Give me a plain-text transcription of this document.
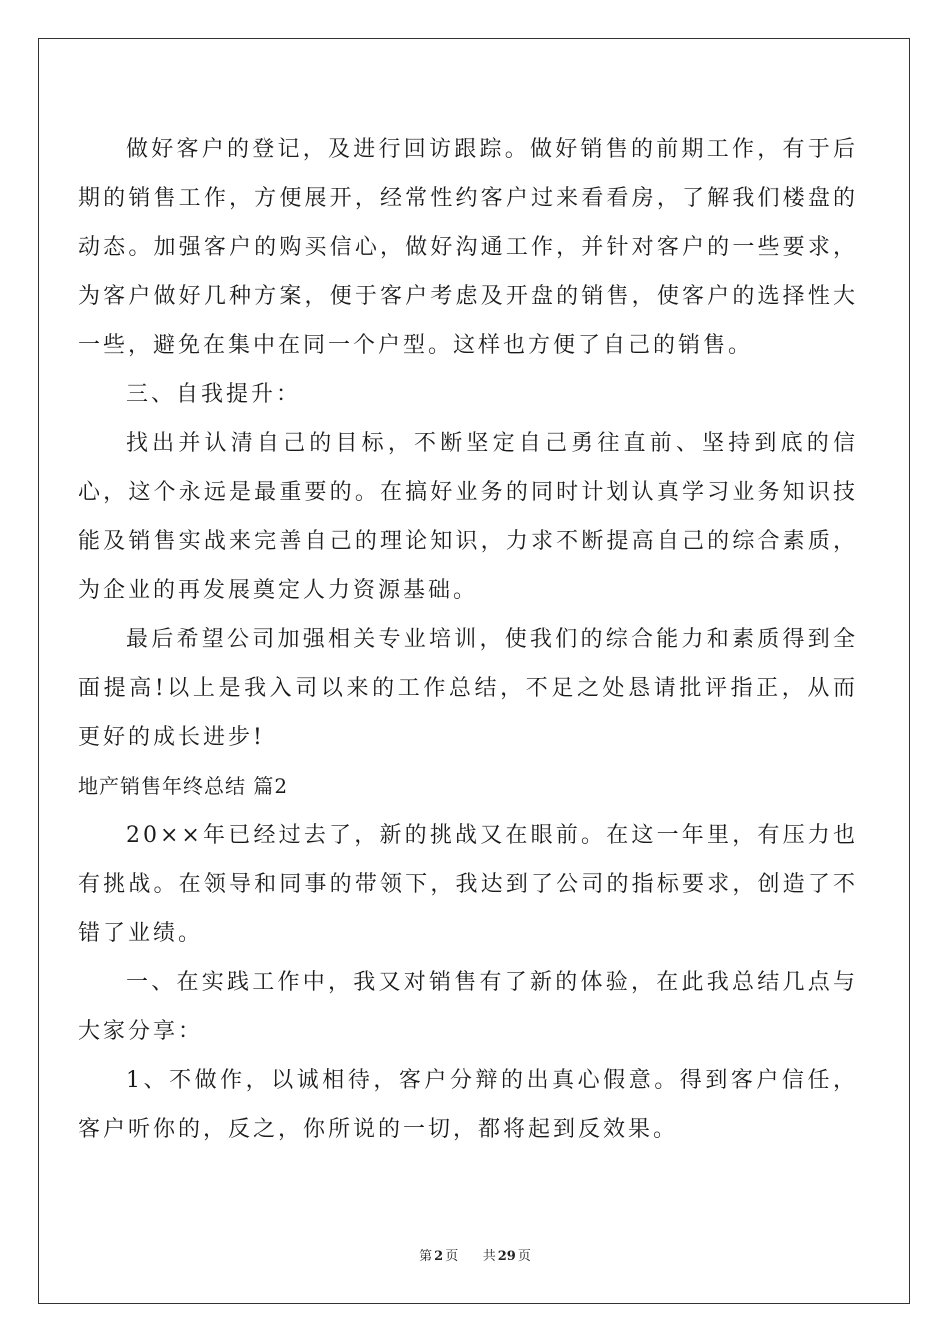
做好客户的登记，及进行回访跟踪。做好销售的前期工作，有于后期的销售工作，方便展开，经常性约客户过来看看房，了解我们楼盘的动态。加强客户的购买信心，做好沟通工作，并针对客户的一些要求，为客户做好几种方案，便于客户考虑及开盘的销售，使客户的选择性大一些，避免在集中在同一个户型。这样也方便了自己的销售。

三、自我提升：

找出并认清自己的目标，不断坚定自己勇往直前、坚持到底的信心，这个永远是最重要的。在搞好业务的同时计划认真学习业务知识技能及销售实战来完善自己的理论知识，力求不断提高自己的综合素质，为企业的再发展奠定人力资源基础。

最后希望公司加强相关专业培训，使我们的综合能力和素质得到全面提高!以上是我入司以来的工作总结，不足之处恳请批评指正，从而更好的成长进步!

地产销售年终总结 篇2

20××年已经过去了，新的挑战又在眼前。在这一年里，有压力也有挑战。在领导和同事的带领下，我达到了公司的指标要求，创造了不错了业绩。

一、在实践工作中，我又对销售有了新的体验，在此我总结几点与大家分享：

1、不做作，以诚相待，客户分辩的出真心假意。得到客户信任，客户听你的，反之，你所说的一切，都将起到反效果。

第 2 页 共 29 页
